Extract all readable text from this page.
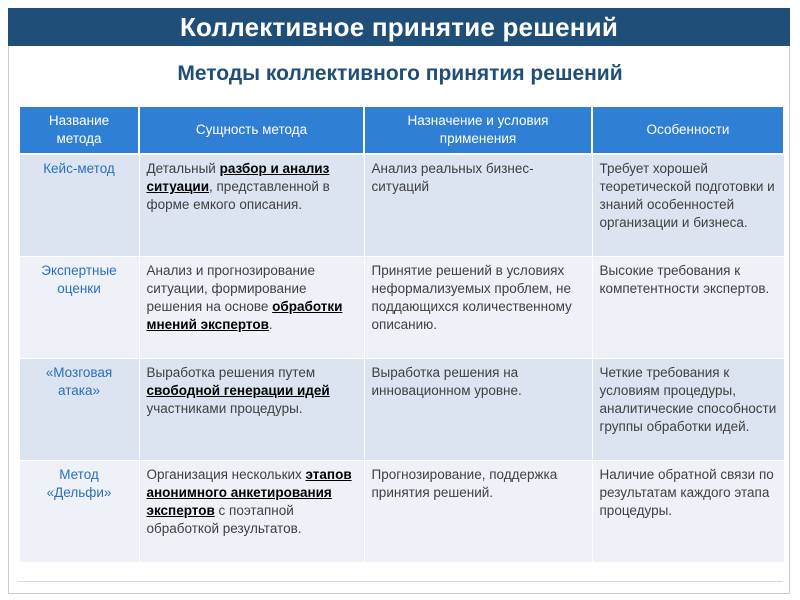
Коллективное принятие решений
Методы коллективного принятия решений
Название метода	Сущность метода	Назначение и условия применения	Особенности
Кейс-метод	Детальный разбор и анализ ситуации, представленной в форме емкого описания.	Анализ реальных бизнес-ситуаций	Требует хорошей теоретической подготовки и знаний особенностей организации и бизнеса.
Экспертные оценки	Анализ и прогнозирование ситуации, формирование решения на основе обработки мнений экспертов.	Принятие решений в условиях неформализуемых проблем, не поддающихся количественному описанию.	Высокие требования к компетентности экспертов.
«Мозговая атака»	Выработка решения путем свободной генерации идей участниками процедуры.	Выработка решения на инновационном уровне.	Четкие требования к условиям процедуры, аналитические способности группы обработки идей.
Метод «Дельфи»	Организация нескольких этапов анонимного анкетирования экспертов с поэтапной обработкой результатов.	Прогнозирование, поддержка принятия решений.	Наличие обратной связи по результатам каждого этапа процедуры.
